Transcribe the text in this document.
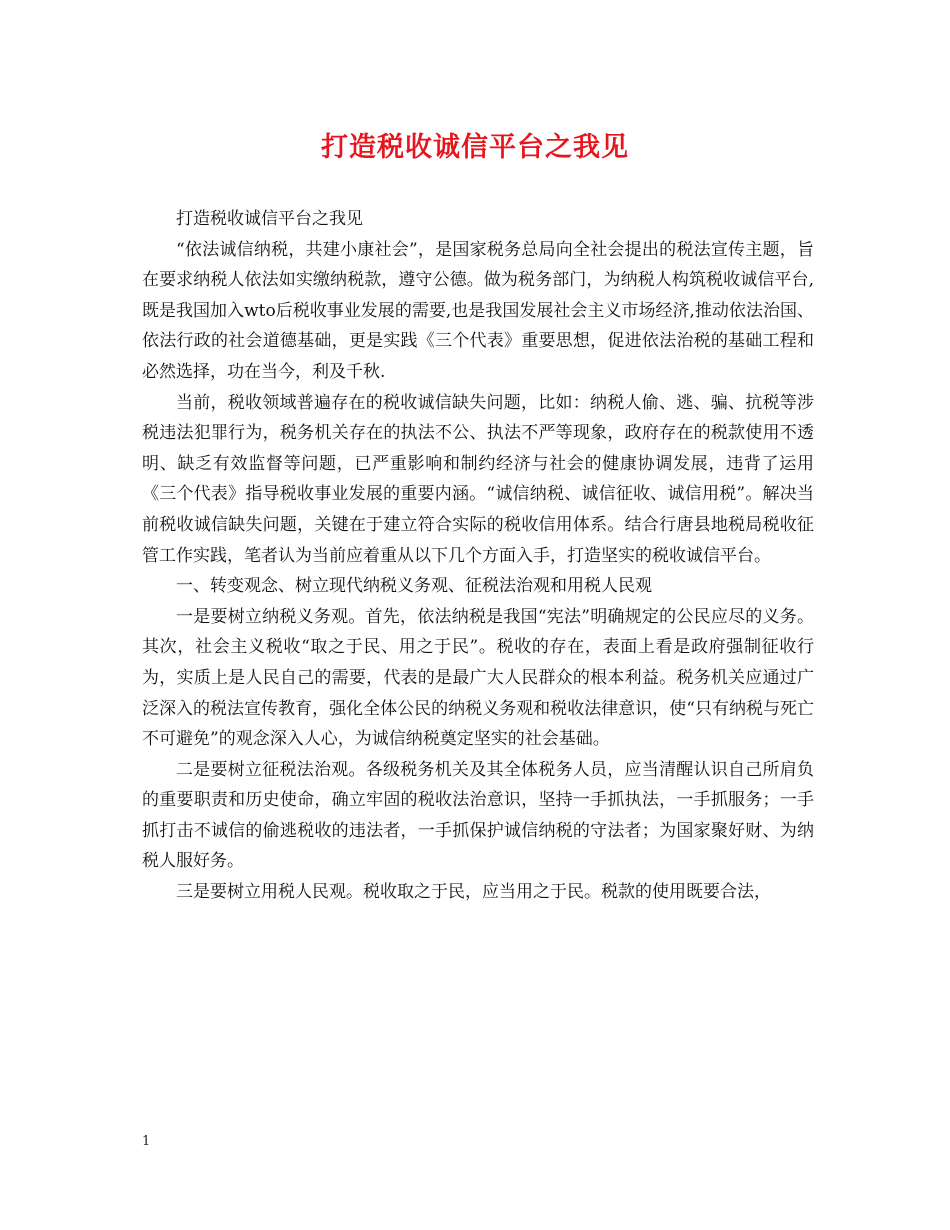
打造税收诚信平台之我见

打造税收诚信平台之我见

“依法诚信纳税，共建小康社会”，是国家税务总局向全社会提出的税法宣传主题，旨在要求纳税人依法如实缴纳税款，遵守公德。做为税务部门，为纳税人构筑税收诚信平台,既是我国加入wto后税收事业发展的需要,也是我国发展社会主义市场经济,推动依法治国、依法行政的社会道德基础，更是实践《三个代表》重要思想，促进依法治税的基础工程和必然选择，功在当今，利及千秋.

当前，税收领域普遍存在的税收诚信缺失问题，比如：纳税人偷、逃、骗、抗税等涉税违法犯罪行为，税务机关存在的执法不公、执法不严等现象，政府存在的税款使用不透明、缺乏有效监督等问题，已严重影响和制约经济与社会的健康协调发展，违背了运用《三个代表》指导税收事业发展的重要内涵。“诚信纳税、诚信征收、诚信用税”。解决当前税收诚信缺失问题，关键在于建立符合实际的税收信用体系。结合行唐县地税局税收征管工作实践，笔者认为当前应着重从以下几个方面入手，打造坚实的税收诚信平台。

一、转变观念、树立现代纳税义务观、征税法治观和用税人民观

一是要树立纳税义务观。首先，依法纳税是我国“宪法”明确规定的公民应尽的义务。其次，社会主义税收“取之于民、用之于民”。税收的存在，表面上看是政府强制征收行为，实质上是人民自己的需要，代表的是最广大人民群众的根本利益。税务机关应通过广泛深入的税法宣传教育，强化全体公民的纳税义务观和税收法律意识，使“只有纳税与死亡不可避免”的观念深入人心，为诚信纳税奠定坚实的社会基础。

二是要树立征税法治观。各级税务机关及其全体税务人员，应当清醒认识自己所肩负的重要职责和历史使命，确立牢固的税收法治意识，坚持一手抓执法，一手抓服务；一手抓打击不诚信的偷逃税收的违法者，一手抓保护诚信纳税的守法者；为国家聚好财、为纳税人服好务。

三是要树立用税人民观。税收取之于民，应当用之于民。税款的使用既要合法，

1
